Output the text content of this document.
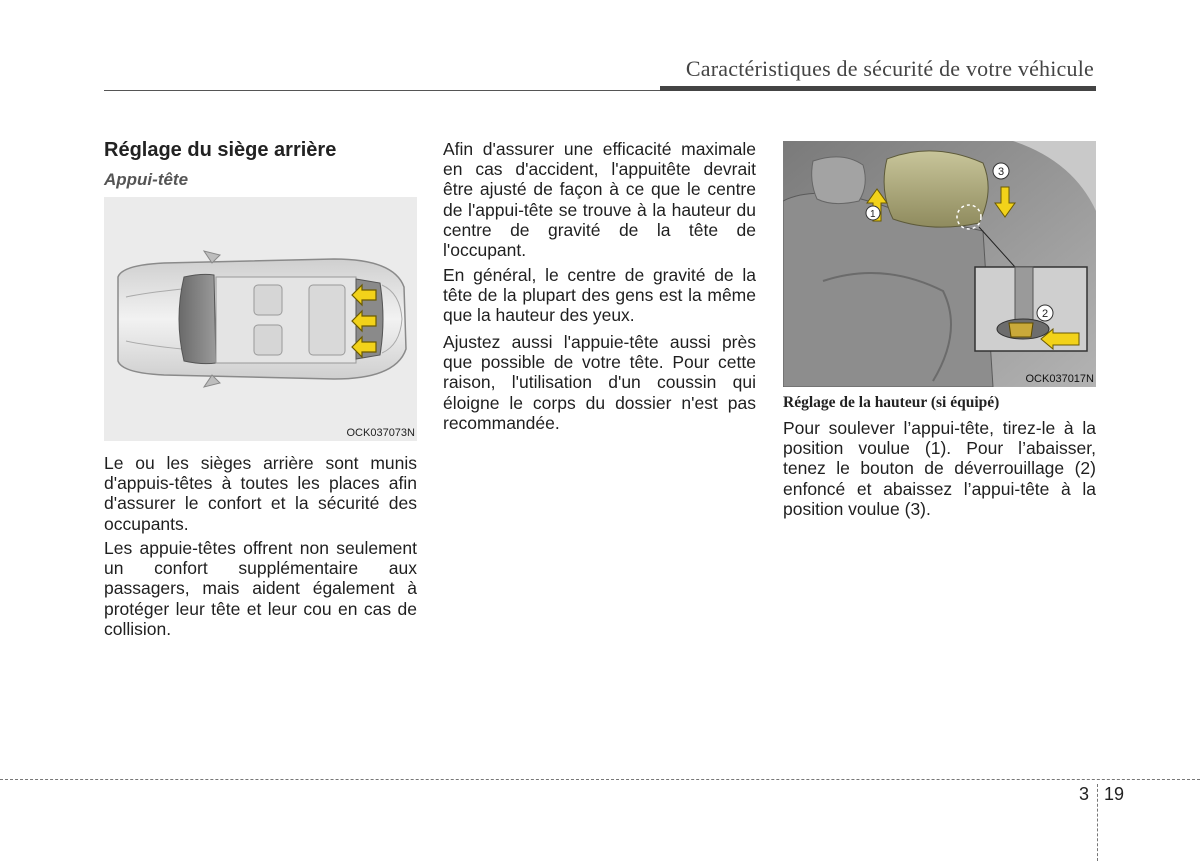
Caractéristiques de sécurité de votre véhicule
Réglage du siège arrière
Appui-tête
OCK037073N

Le ou les sièges arrière sont munis d'appuis-têtes à toutes les places afin d'assurer le confort et la sécurité des occupants.

Les appuie-têtes offrent non seulement un confort supplémentaire aux passagers, mais aident également à protéger leur tête et leur cou en cas de collision.

Afin d'assurer une efficacité maximale en cas d'accident, l'appuitête devrait être ajusté de façon à ce que le centre de l'appui-tête se trouve à la hauteur du centre de gravité de la tête de l'occupant.

En général, le centre de gravité de la tête de la plupart des gens est la même que la hauteur des yeux.

Ajustez aussi l'appuie-tête aussi près que possible de votre tête. Pour cette raison, l'utilisation d'un coussin qui éloigne le corps du dossier n'est pas recommandée.

1
3
2
OCK037017N
Réglage de la hauteur (si équipé)

Pour soulever l’appui-tête, tirez-le à la position voulue (1). Pour l’abaisser, tenez le bouton de déverrouillage (2) enfoncé et abaissez l’appui-tête à la position voulue (3).

3 19
